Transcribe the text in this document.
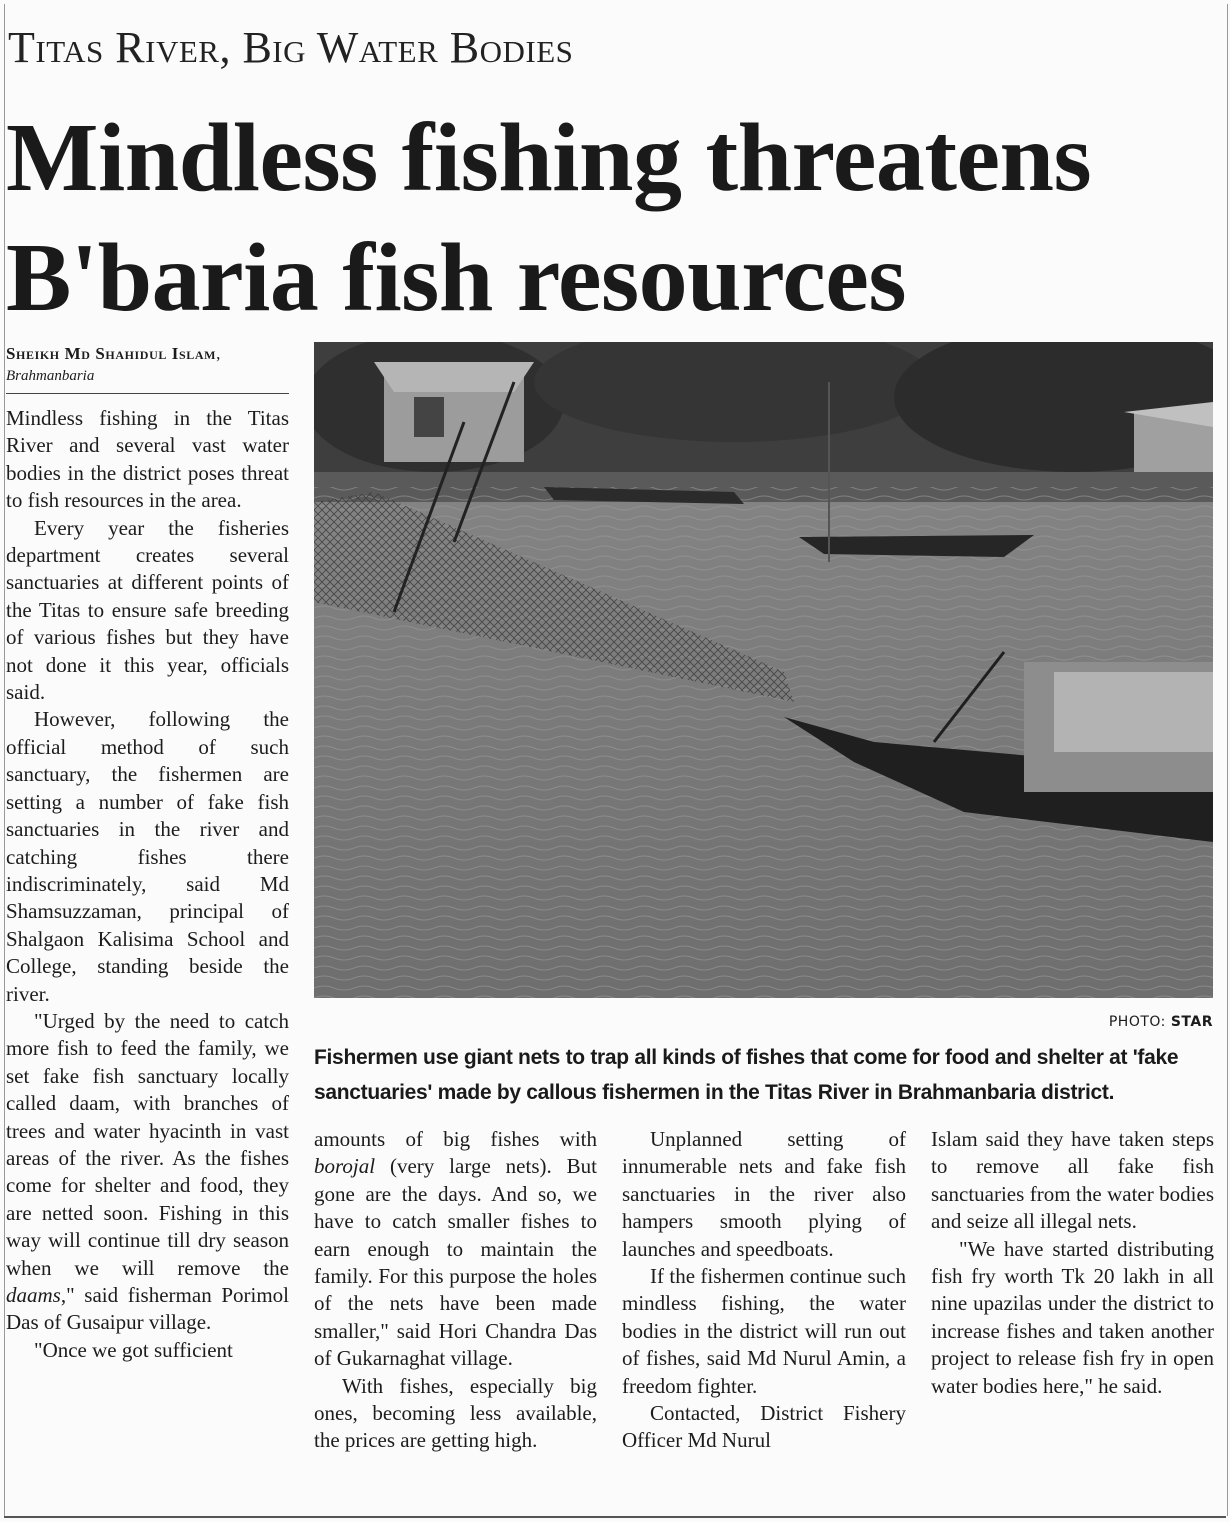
Titas River, Big Water Bodies
Mindless fishing threatens
B'baria fish resources
Sheikh Md Shahidul Islam, Brahmanbaria

Mindless fishing in the Titas River and several vast water bodies in the district poses threat to fish resources in the area.

Every year the fisheries department creates several sanctuaries at different points of the Titas to ensure safe breeding of various fishes but they have not done it this year, officials said.

However, following the official method of such sanctuary, the fishermen are setting a number of fake fish sanctuaries in the river and catching fishes there indiscriminately, said Md Shamsuzzaman, principal of Shalgaon Kalisima School and College, standing beside the river.

"Urged by the need to catch more fish to feed the family, we set fake fish sanctuary locally called daam, with branches of trees and water hyacinth in vast areas of the river. As the fishes come for shelter and food, they are netted soon. Fishing in this way will continue till dry season when we will remove the daams," said fisherman Porimol Das of Gusaipur village.

"Once we got sufficient

PHOTO: STAR
Fishermen use giant nets to trap all kinds of fishes that come for food and shelter at 'fake sanctuaries' made by callous fishermen in the Titas River in Brahmanbaria district.

amounts of big fishes with borojal (very large nets). But gone are the days. And so, we have to catch smaller fishes to earn enough to maintain the family. For this purpose the holes of the nets have been made smaller," said Hori Chandra Das of Gukarnaghat village.

With fishes, especially big ones, becoming less available, the prices are getting high.

Unplanned setting of innumerable nets and fake fish sanctuaries in the river also hampers smooth plying of launches and speedboats.

If the fishermen continue such mindless fishing, the water bodies in the district will run out of fishes, said Md Nurul Amin, a freedom fighter.

Contacted, District Fishery Officer Md Nurul

Islam said they have taken steps to remove all fake fish sanctuaries from the water bodies and seize all illegal nets.

"We have started distributing fish fry worth Tk 20 lakh in all nine upazilas under the district to increase fishes and taken another project to release fish fry in open water bodies here," he said.
